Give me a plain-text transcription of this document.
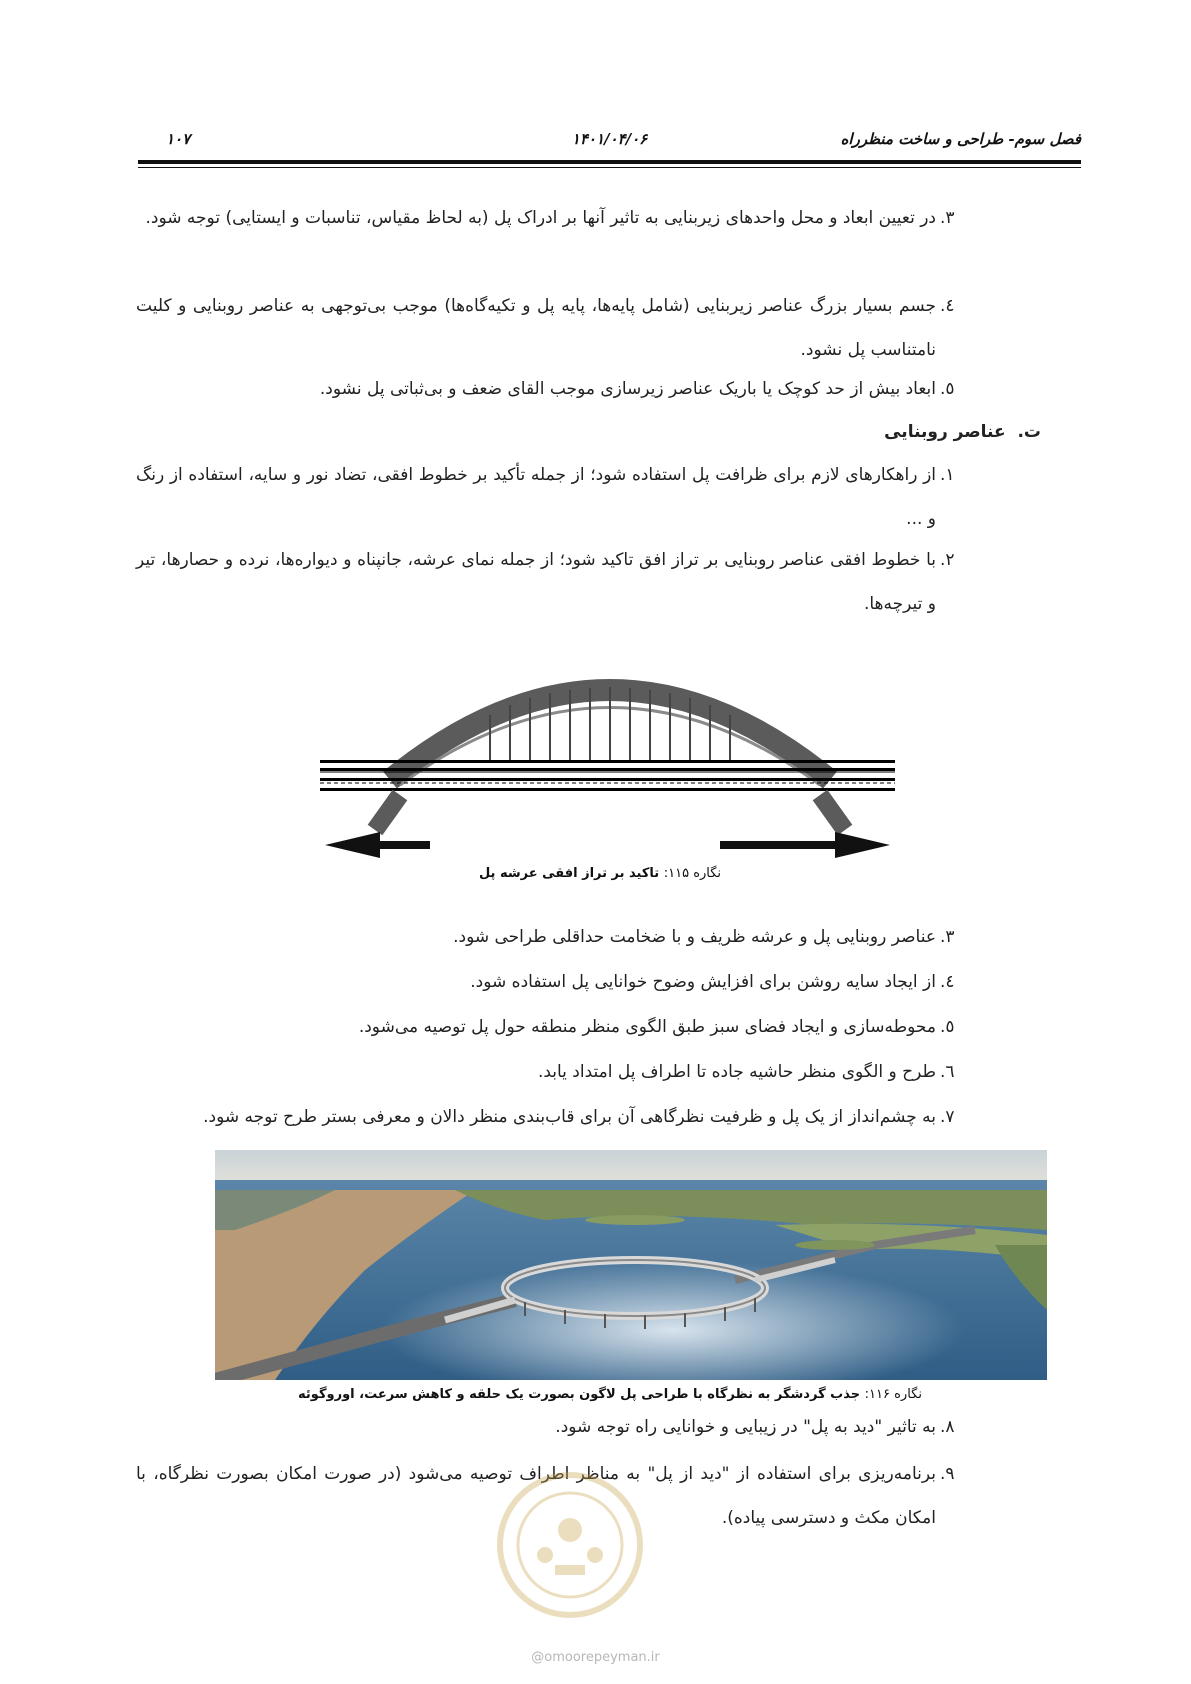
فصل سوم- طراحی و ساخت منظرراه
۱۴۰۱/۰۴/۰۶
۱۰۷
۳.
در تعیین ابعاد و محل واحدهای زیربنایی به تاثیر آنها بر ادراک پل (به لحاظ مقیاس، تناسبات و ایستایی) توجه شود.
٤.
جسم بسیار بزرگ عناصر زیربنایی (شامل پایه‌ها، پایه پل و تکیه‌گاه‌ها) موجب بی‌توجهی به عناصر روبنایی و کلیت نامتناسب پل نشود.
٥.
ابعاد بیش از حد کوچک یا باریک عناصر زیرسازی موجب القای ضعف و بی‌ثباتی پل نشود.
ت.  عناصر روبنایی
۱.
از راهکارهای لازم برای ظرافت پل استفاده شود؛ از جمله تأکید بر خطوط افقی، تضاد نور و سایه، استفاده از رنگ و ...
۲.
با خطوط افقی عناصر روبنایی بر تراز افق تاکید شود؛ از جمله نمای عرشه، جانپناه و دیواره‌ها، نرده و حصارها، تیر و تیرچه‌ها.
نگاره ۱۱۵: تاکید بر تراز افقی عرشه پل
۳.
عناصر روبنایی پل و عرشه ظریف و با ضخامت حداقلی طراحی شود.
٤.
از ایجاد سایه روشن برای افزایش وضوح خوانایی پل استفاده شود.
٥.
محوطه‌سازی و ایجاد فضای سبز طبق الگوی منظر منطقه حول پل توصیه می‌شود.
٦.
طرح و الگوی منظر حاشیه جاده تا اطراف پل امتداد یابد.
۷.
به چشم‌انداز از یک پل و ظرفیت نظرگاهی آن برای قاب‌بندی منظر دالان و معرفی بستر طرح توجه شود.
نگاره ۱۱۶: جذب گردشگر به نظرگاه با طراحی پل لاگون بصورت یک حلقه و کاهش سرعت، اوروگوئه
۸.
به تاثیر "دید به پل" در زیبایی و خوانایی راه توجه شود.
۹.
برنامه‌ریزی برای استفاده از "دید از پل" به مناظر اطراف توصیه می‌شود (در صورت امکان بصورت نظرگاه، با امکان مکث و دسترسی پیاده).
@omoorepeyman.ir
